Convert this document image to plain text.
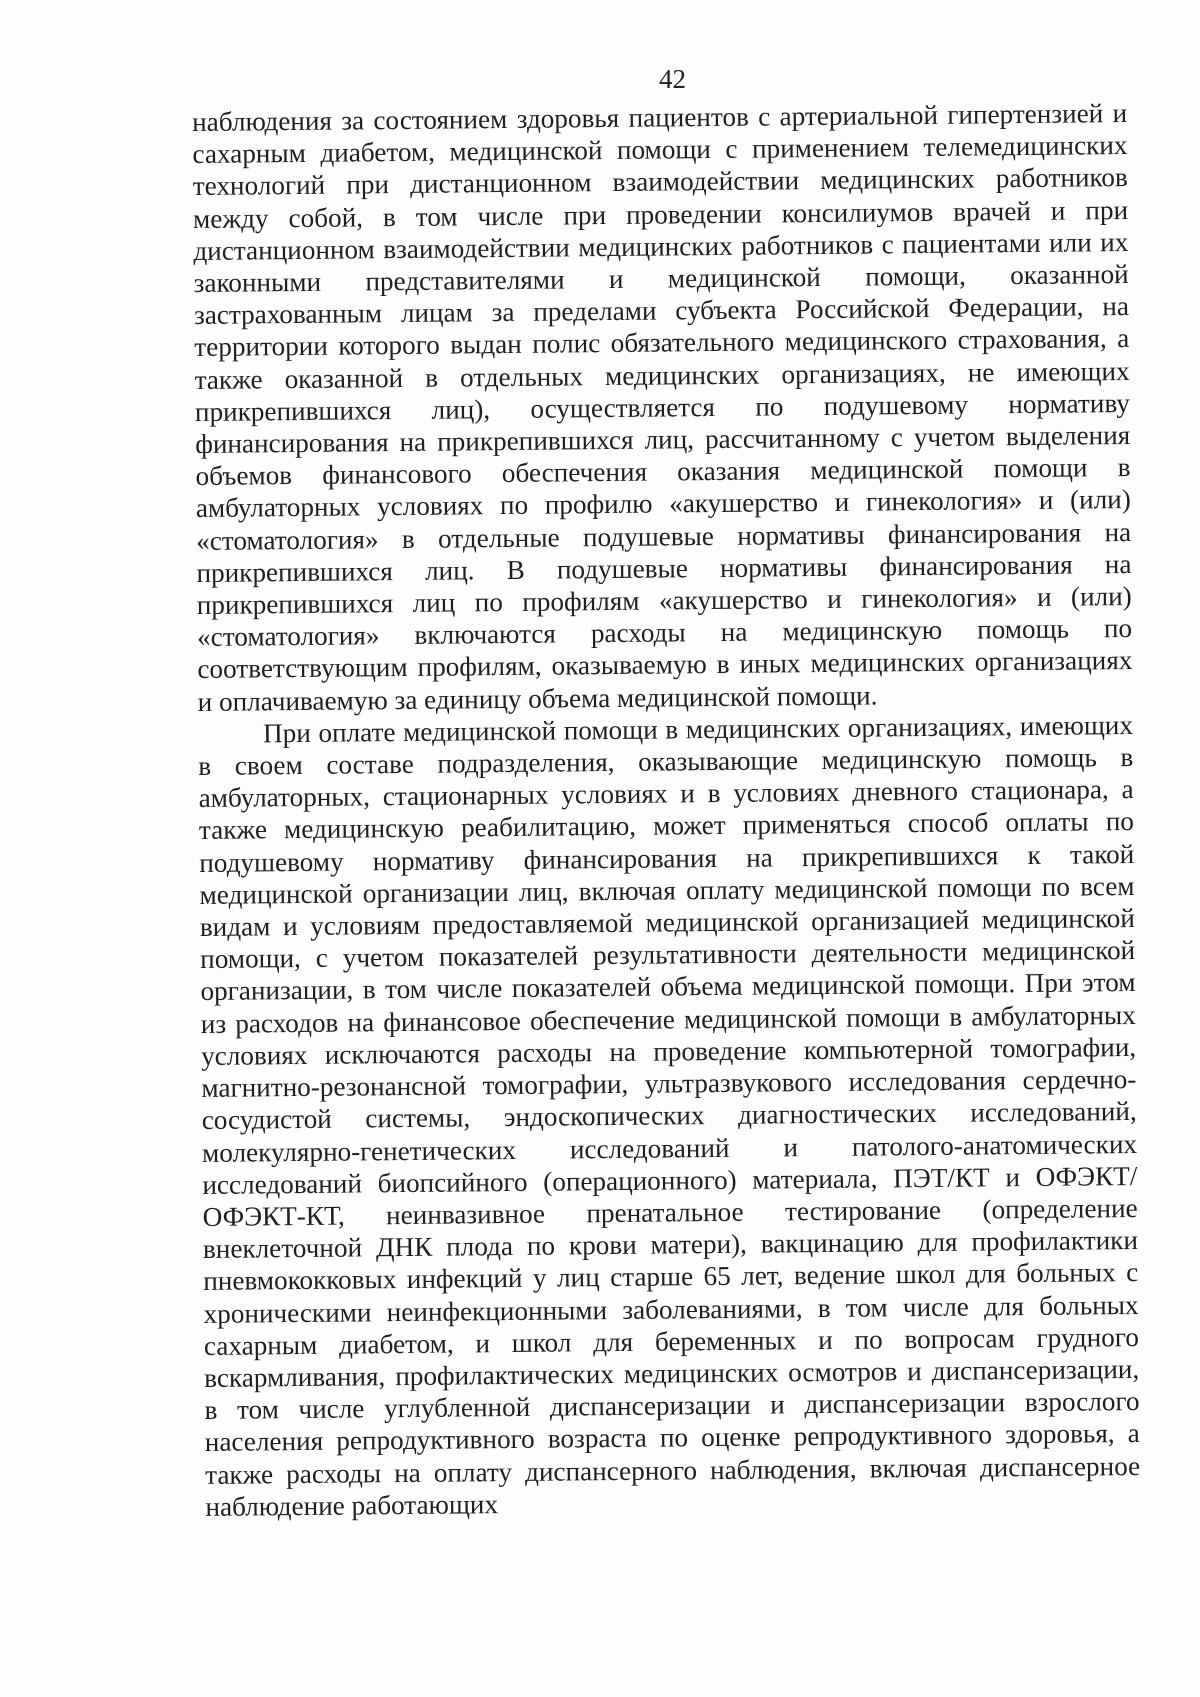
42

наблюдения за состоянием здоровья пациентов с артериальной гипертензией и сахарным диабетом, медицинской помощи с применением телемедицинских технологий при дистанционном взаимодействии медицинских работников между собой, в том числе при проведении консилиумов врачей и при дистанционном взаимодействии медицинских работников с пациентами или их законными представителями и медицинской помощи, оказанной застрахованным лицам за пределами субъекта Российской Федерации, на территории которого выдан полис обязательного медицинского страхования, а также оказанной в отдельных медицинских организациях, не имеющих прикрепившихся лиц), осуществляется по подушевому нормативу финансирования на прикрепившихся лиц, рассчитанному с учетом выделения объемов финансового обеспечения оказания медицинской помощи в амбулаторных условиях по профилю «акушерство и гинекология» и (или) «стоматология» в отдельные подушевые нормативы финансирования на прикрепившихся лиц. В подушевые нормативы финансирования на прикрепившихся лиц по профилям «акушерство и гинекология» и (или) «стоматология» включаются расходы на медицинскую помощь по соответствующим профилям, оказываемую в иных медицинских организациях и оплачиваемую за единицу объема медицинской помощи.

При оплате медицинской помощи в медицинских организациях, имеющих в своем составе подразделения, оказывающие медицинскую помощь в амбулаторных, стационарных условиях и в условиях дневного стационара, а также медицинскую реабилитацию, может применяться способ оплаты по подушевому нормативу финансирования на прикрепившихся к такой медицинской организации лиц, включая оплату медицинской помощи по всем видам и условиям предоставляемой медицинской организацией медицинской помощи, с учетом показателей результативности деятельности медицинской организации, в том числе показателей объема медицинской помощи. При этом из расходов на финансовое обеспечение медицинской помощи в амбулаторных условиях исключаются расходы на проведение компьютерной томографии, магнитно-резонансной томографии, ультразвукового исследования сердечно-сосудистой системы, эндоскопических диагностических исследований, молекулярно-генетических исследований и патолого-анатомических исследований биопсийного (операционного) материала, ПЭТ/КТ и ОФЭКТ/ОФЭКТ-КТ, неинвазивное пренатальное тестирование (определение внеклеточной ДНК плода по крови матери), вакцинацию для профилактики пневмококковых инфекций у лиц старше 65 лет, ведение школ для больных с хроническими неинфекционными заболеваниями, в том числе для больных сахарным диабетом, и школ для беременных и по вопросам грудного вскармливания, профилактических медицинских осмотров и диспансеризации, в том числе углубленной диспансеризации и диспансеризации взрослого населения репродуктивного возраста по оценке репродуктивного здоровья, а также расходы на оплату диспансерного наблюдения, включая диспансерное наблюдение работающих
